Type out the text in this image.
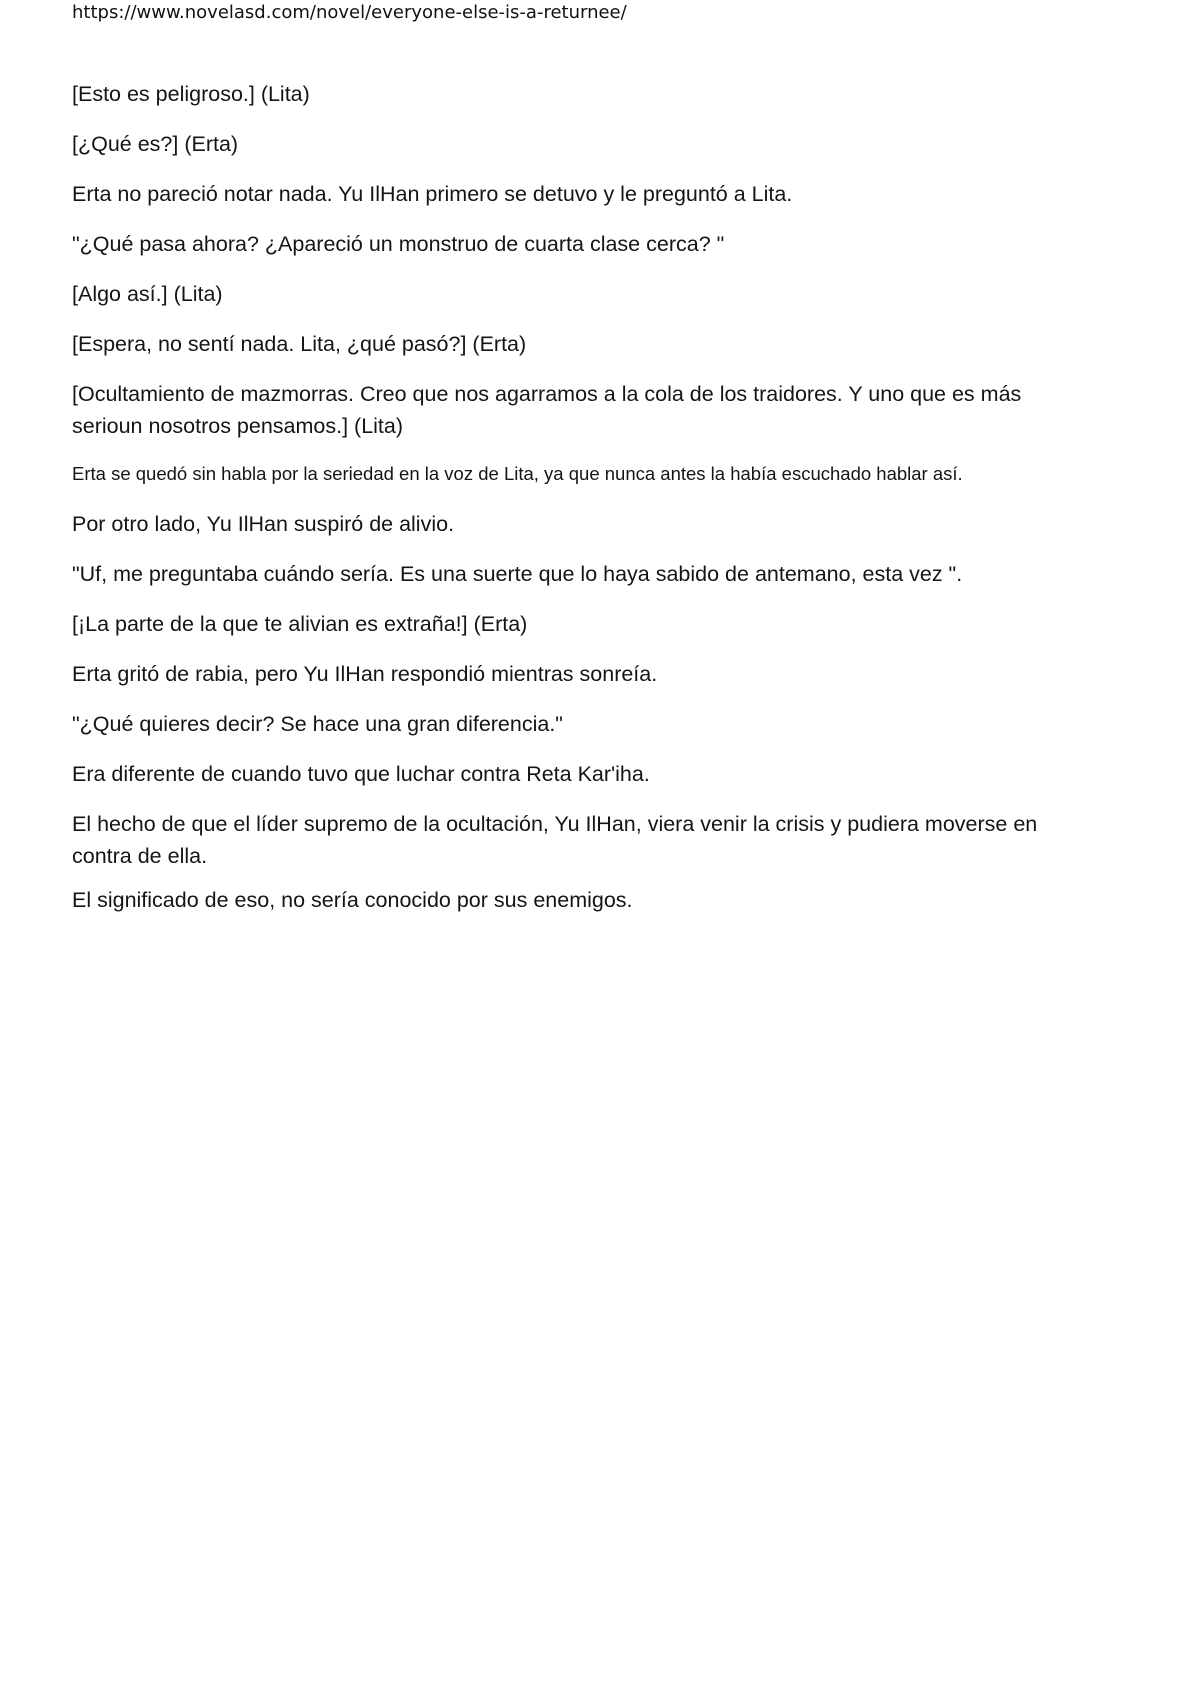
https://www.novelasd.com/novel/everyone-else-is-a-returnee/

[Esto es peligroso.] (Lita)

[¿Qué es?] (Erta)

Erta no pareció notar nada. Yu IlHan primero se detuvo y le preguntó a Lita.

"¿Qué pasa ahora? ¿Apareció un monstruo de cuarta clase cerca? "

[Algo así.] (Lita)

[Espera, no sentí nada. Lita, ¿qué pasó?] (Erta)

[Ocultamiento de mazmorras. Creo que nos agarramos a la cola de los traidores. Y uno que es más serioun nosotros pensamos.] (Lita)

Erta se quedó sin habla por la seriedad en la voz de Lita, ya que nunca antes la había escuchado hablar así.

Por otro lado, Yu IlHan suspiró de alivio.

"Uf, me preguntaba cuándo sería. Es una suerte que lo haya sabido de antemano, esta vez ".

[¡La parte de la que te alivian es extraña!] (Erta)

Erta gritó de rabia, pero Yu IlHan respondió mientras sonreía.

"¿Qué quieres decir? Se hace una gran diferencia."

Era diferente de cuando tuvo que luchar contra Reta Kar'iha.

El hecho de que el líder supremo de la ocultación, Yu IlHan, viera venir la crisis y pudiera moverse en contra de ella.

El significado de eso, no sería conocido por sus enemigos.
